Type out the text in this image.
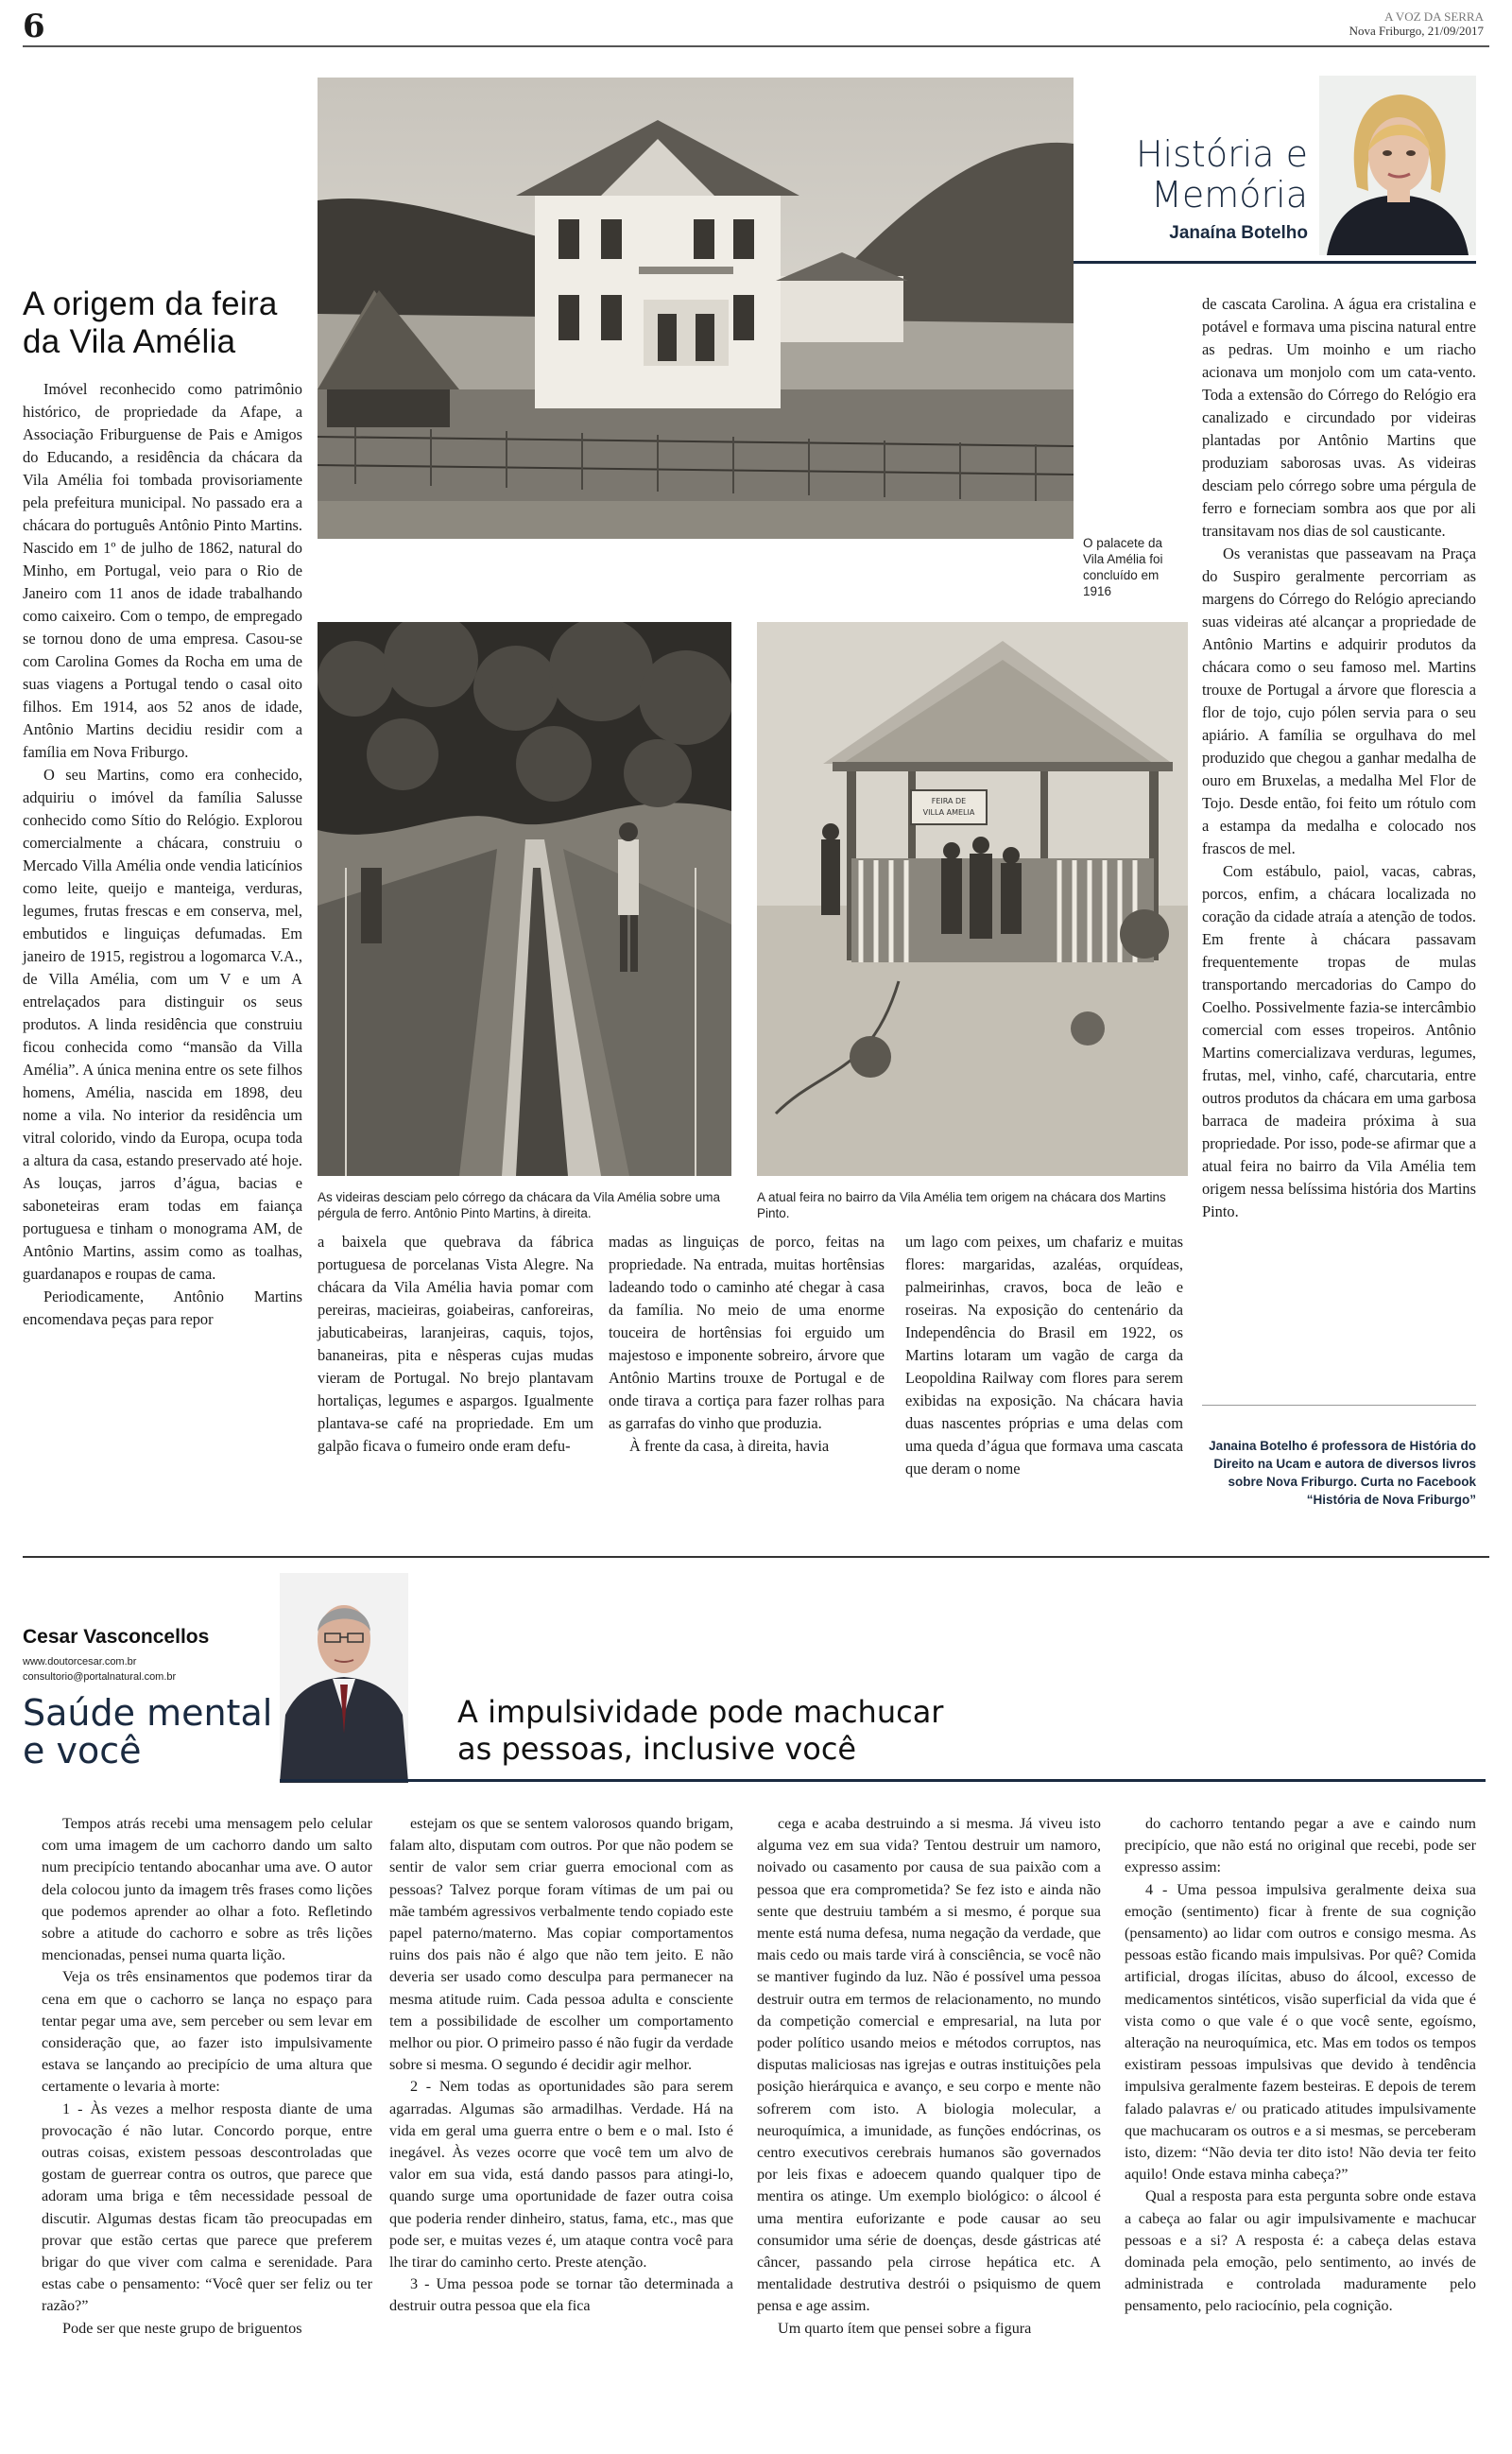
6	A VOZ DA SERRA
Nova Friburgo, 21/09/2017
História e
Memória
Janaína Botelho
A origem da feira
da Vila Amélia
O palacete da Vila Amélia foi concluído em 1916
As videiras desciam pelo córrego da chácara da Vila Amélia sobre uma pérgula de ferro. Antônio Pinto Martins, à direita.
FEIRA DE
VILLA AMELIA
A atual feira no bairro da Vila Amélia tem origem na chácara dos Martins Pinto.

Imóvel reconhecido como patrimônio histórico, de propriedade da Afape, a Associação Friburguense de Pais e Amigos do Educando, a residência da chácara da Vila Amélia foi tombada provisoriamente pela prefeitura municipal. No passado era a chácara do português Antônio Pinto Martins. Nascido em 1º de julho de 1862, natural do Minho, em Portugal, veio para o Rio de Janeiro com 11 anos de idade trabalhando como caixeiro. Com o tempo, de empregado se tornou dono de uma empresa. Casou-se com Carolina Gomes da Rocha em uma de suas viagens a Portugal tendo o casal oito filhos. Em 1914, aos 52 anos de idade, Antônio Martins decidiu residir com a família em Nova Friburgo.

O seu Martins, como era conhecido, adquiriu o imóvel da família Salusse conhecido como Sítio do Relógio. Explorou comercialmente a chácara, construiu o Mercado Villa Amélia onde vendia laticínios como leite, queijo e manteiga, verduras, legumes, frutas frescas e em conserva, mel, embutidos e linguiças defumadas. Em janeiro de 1915, registrou a logomarca V.A., de Villa Amélia, com um V e um A entrelaçados para distinguir os seus produtos. A linda residência que construiu ficou conhecida como “mansão da Villa Amélia”. A única menina entre os sete filhos homens, Amélia, nascida em 1898, deu nome a vila. No interior da residência um vitral colorido, vindo da Europa, ocupa toda a altura da casa, estando preservado até hoje. As louças, jarros d’água, bacias e saboneteiras eram todas em faiança portuguesa e tinham o monograma AM, de Antônio Martins, assim como as toalhas, guardanapos e roupas de cama.

Periodicamente, Antônio Martins encomendava peças para repor

a baixela que quebrava da fábrica portuguesa de porcelanas Vista Alegre. Na chácara da Vila Amélia havia pomar com pereiras, macieiras, goiabeiras, canforeiras, jabuticabeiras, laranjeiras, caquis, tojos, bananeiras, pita e nêsperas cujas mudas vieram de Portugal. No brejo plantavam hortaliças, legumes e aspargos. Igualmente plantava-se café na propriedade. Em um galpão ficava o fumeiro onde eram defu-

madas as linguiças de porco, feitas na propriedade. Na entrada, muitas hortênsias ladeando todo o caminho até chegar à casa da família. No meio de uma enorme touceira de hortênsias foi erguido um majestoso e imponente sobreiro, árvore que Antônio Martins trouxe de Portugal e de onde tirava a cortiça para fazer rolhas para as garrafas do vinho que produzia.

À frente da casa, à direita, havia

um lago com peixes, um chafariz e muitas flores: margaridas, azaléas, orquídeas, palmeirinhas, cravos, boca de leão e roseiras. Na exposição do centenário da Independência do Brasil em 1922, os Martins lotaram um vagão de carga da Leopoldina Railway com flores para serem exibidas na exposição. Na chácara havia duas nascentes próprias e uma delas com uma queda d’água que formava uma cascata que deram o nome

de cascata Carolina. A água era cristalina e potável e formava uma piscina natural entre as pedras. Um moinho e um riacho acionava um monjolo com um cata-vento. Toda a extensão do Córrego do Relógio era canalizado e circundado por videiras plantadas por Antônio Martins que produziam saborosas uvas. As videiras desciam pelo córrego sobre uma pérgula de ferro e forneciam sombra aos que por ali transitavam nos dias de sol causticante.

Os veranistas que passeavam na Praça do Suspiro geralmente percorriam as margens do Córrego do Relógio apreciando suas videiras até alcançar a propriedade de Antônio Martins e adquirir produtos da chácara como o seu famoso mel. Martins trouxe de Portugal a árvore que floresciа a flor de tojo, cujo pólen servia para o seu apiário. A família se orgulhava do mel produzido que chegou a ganhar medalha de ouro em Bruxelas, a medalha Mel Flor de Tojo. Desde então, foi feito um rótulo com a estampa da medalha e colocado nos frascos de mel.

Com estábulo, paiol, vacas, cabras, porcos, enfim, a chácara localizada no coração da cidade atraía a atenção de todos. Em frente à chácara passavam frequentemente tropas de mulas transportando mercadorias do Campo do Coelho. Possivelmente fazia-se intercâmbio comercial com esses tropeiros. Antônio Martins comercializava verduras, legumes, frutas, mel, vinho, café, charcutaria, entre outros produtos da chácara em uma garbosa barraca de madeira próxima à sua propriedade. Por isso, pode-se afirmar que a atual feira no bairro da Vila Amélia tem origem nessa belíssima história dos Martins Pinto.

Janaina Botelho é professora de História do Direito na Ucam e autora de diversos livros sobre Nova Friburgo. Curta no Facebook “História de Nova Friburgo”
Cesar Vasconcellos
www.doutorcesar.com.br
consultorio@portalnatural.com.br
Saúde mental
e você
A impulsividade pode machucar
as pessoas, inclusive você

Tempos atrás recebi uma mensagem pelo celular com uma imagem de um cachorro dando um salto num precipício tentando abocanhar uma ave. O autor dela colocou junto da imagem três frases como lições que podemos aprender ao olhar a foto. Refletindo sobre a atitude do cachorro e sobre as três lições mencionadas, pensei numa quarta lição.

Veja os três ensinamentos que podemos tirar da cena em que o cachorro se lança no espaço para tentar pegar uma ave, sem perceber ou sem levar em consideração que, ao fazer isto impulsivamente estava se lançando ao precipício de uma altura que certamente o levaria à morte:

1 - Às vezes a melhor resposta diante de uma provocação é não lutar. Concordo porque, entre outras coisas, existem pessoas descontroladas que gostam de guerrear contra os outros, que parece que adoram uma briga e têm necessidade pessoal de discutir. Algumas destas ficam tão preocupadas em provar que estão certas que parece que preferem brigar do que viver com calma e serenidade. Para estas cabe o pensamento: “Você quer ser feliz ou ter razão?”

Pode ser que neste grupo de briguentos

estejam os que se sentem valorosos quando brigam, falam alto, disputam com outros. Por que não podem se sentir de valor sem criar guerra emocional com as pessoas? Talvez porque foram vítimas de um pai ou mãe também agressivos verbalmente tendo copiado este papel paterno/materno. Mas copiar comportamentos ruins dos pais não é algo que não tem jeito. E não deveria ser usado como desculpa para permanecer na mesma atitude ruim. Cada pessoa adulta e consciente tem a possibilidade de escolher um comportamento melhor ou pior. O primeiro passo é não fugir da verdade sobre si mesma. O segundo é decidir agir melhor.

2 - Nem todas as oportunidades são para serem agarradas. Algumas são armadilhas. Verdade. Há na vida em geral uma guerra entre o bem e o mal. Isto é inegável. Às vezes ocorre que você tem um alvo de valor em sua vida, está dando passos para atingi-lo, quando surge uma oportunidade de fazer outra coisa que poderia render dinheiro, status, fama, etc., mas que pode ser, e muitas vezes é, um ataque contra você para lhe tirar do caminho certo. Preste atenção.

3 - Uma pessoa pode se tornar tão determinada a destruir outra pessoa que ela fica

cega e acaba destruindo a si mesma. Já viveu isto alguma vez em sua vida? Tentou destruir um namoro, noivado ou casamento por causa de sua paixão com a pessoa que era comprometida? Se fez isto e ainda não sente que destruiu também a si mesmo, é porque sua mente está numa defesa, numa negação da verdade, que mais cedo ou mais tarde virá à consciência, se você não se mantiver fugindo da luz. Não é possível uma pessoa destruir outra em termos de relacionamento, no mundo da competição comercial e empresarial, na luta por poder político usando meios e métodos corruptos, nas disputas maliciosas nas igrejas e outras instituições pela posição hierárquica e avanço, e seu corpo e mente não sofrerem com isto. A biologia molecular, a neuroquímica, a imunidade, as funções endócrinas, os centro executivos cerebrais humanos são governados por leis fixas e adoecem quando qualquer tipo de mentira os atinge. Um exemplo biológico: o álcool é uma mentira euforizante e pode causar ao seu consumidor uma série de doenças, desde gástricas até câncer, passando pela cirrose hepática etc. A mentalidade destrutiva destrói o psiquismo de quem pensa e age assim.

Um quarto ítem que pensei sobre a figura

do cachorro tentando pegar a ave e caindo num precipício, que não está no original que recebi, pode ser expresso assim:

4 - Uma pessoa impulsiva geralmente deixa sua emoção (sentimento) ficar à frente de sua cognição (pensamento) ao lidar com outros e consigo mesma. As pessoas estão ficando mais impulsivas. Por quê? Comida artificial, drogas ilícitas, abuso do álcool, excesso de medicamentos sintéticos, visão superficial da vida que é vista como o que vale é o que você sente, egoísmo, alteração na neuroquímica, etc. Mas em todos os tempos existiram pessoas impulsivas que devido à tendência impulsiva geralmente fazem besteiras. E depois de terem falado palavras e/ ou praticado atitudes impulsivamente que machucaram os outros e a si mesmas, se perceberam isto, dizem: “Não devia ter dito isto! Não devia ter feito aquilo! Onde estava minha cabeça?”

Qual a resposta para esta pergunta sobre onde estava a cabeça ao falar ou agir impulsivamente e machucar pessoas e a si? A resposta é: a cabeça delas estava dominada pela emoção, pelo sentimento, ao invés de administrada e controlada maduramente pelo pensamento, pelo raciocínio, pela cognição.
